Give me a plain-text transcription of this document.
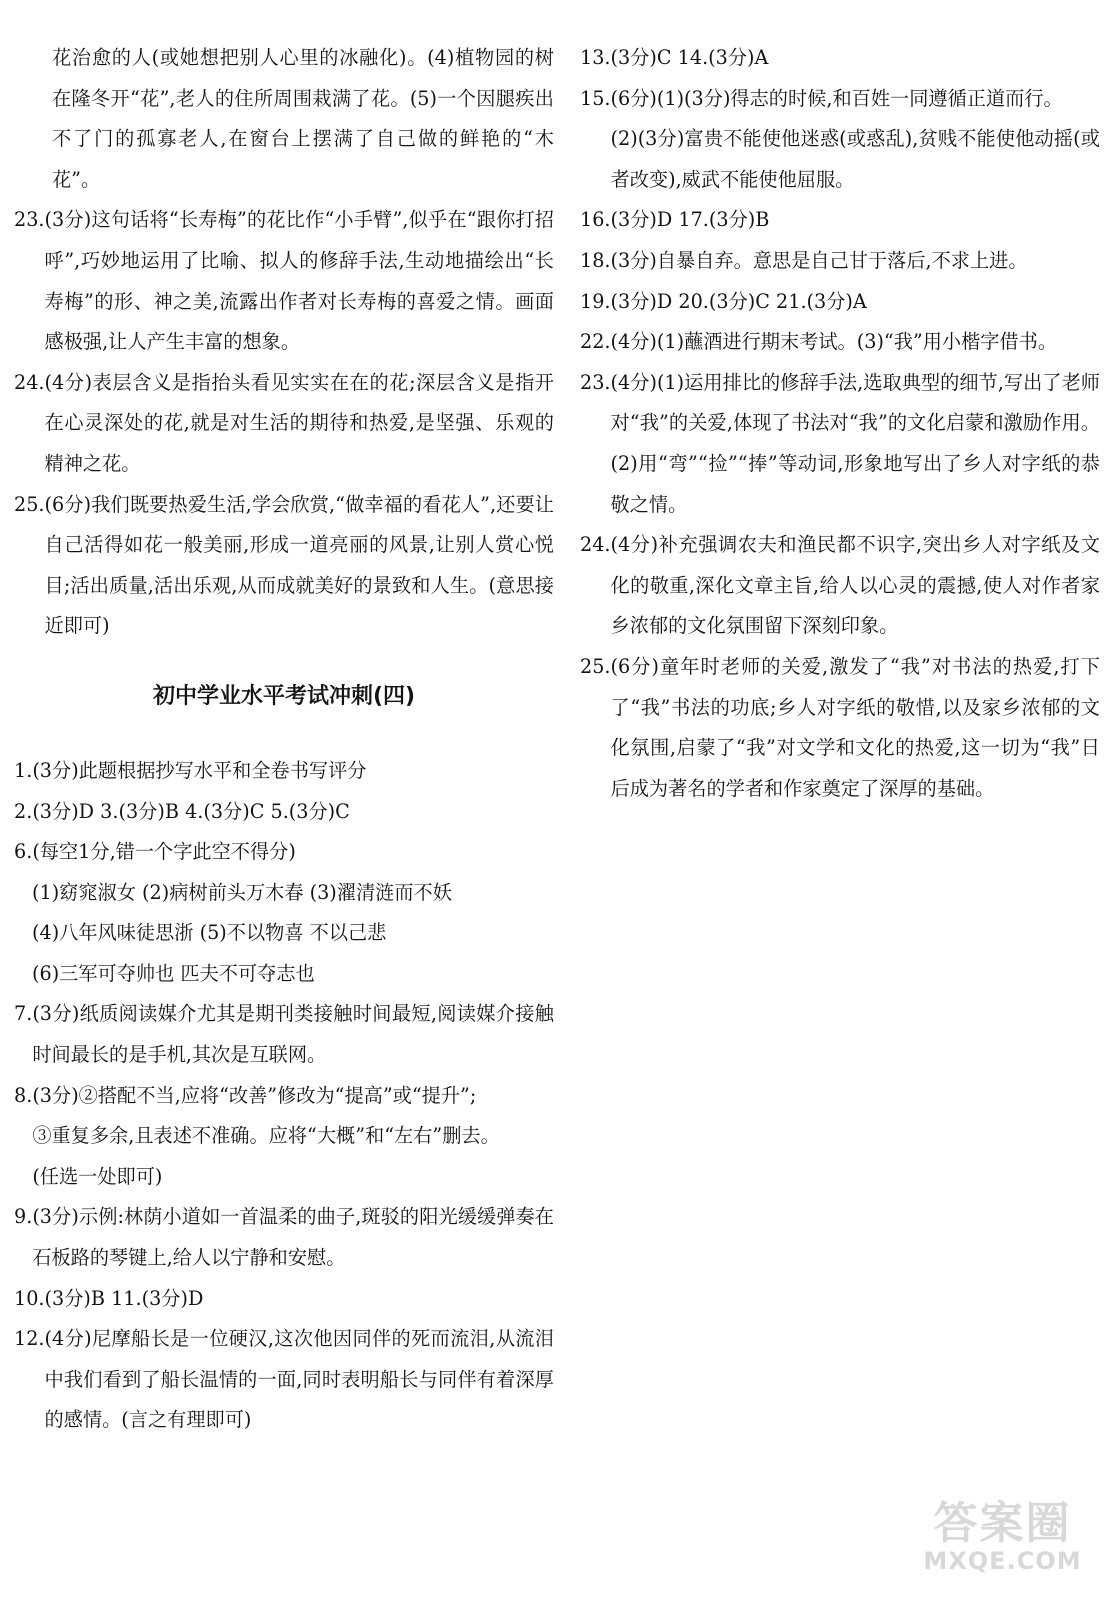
花治愈的人(或她想把别人心里的冰融化)。(4)植物园的树在隆冬开“花”,老人的住所周围栽满了花。(5)一个因腿疾出不了门的孤寡老人,在窗台上摆满了自己做的鲜艳的“木花”。

23. (3分)这句话将“长寿梅”的花比作“小手臂”,似乎在“跟你打招呼”,巧妙地运用了比喻、拟人的修辞手法,生动地描绘出“长寿梅”的形、神之美,流露出作者对长寿梅的喜爱之情。画面感极强,让人产生丰富的想象。
24. (4分)表层含义是指抬头看见实实在在的花;深层含义是指开在心灵深处的花,就是对生活的期待和热爱,是坚强、乐观的精神之花。
25. (6分)我们既要热爱生活,学会欣赏,“做幸福的看花人”,还要让自己活得如花一般美丽,形成一道亮丽的风景,让别人赏心悦目;活出质量,活出乐观,从而成就美好的景致和人生。(意思接近即可)
初中学业水平考试冲刺(四)
1. (3分)此题根据抄写水平和全卷书写评分
2. (3分)D 3.(3分)B 4.(3分)C 5.(3分)C
6. (每空1分,错一个字此空不得分)

(1)窈窕淑女 (2)病树前头万木春 (3)濯清涟而不妖

(4)八年风味徒思浙 (5)不以物喜 不以己悲

(6)三军可夺帅也 匹夫不可夺志也

7. (3分)纸质阅读媒介尤其是期刊类接触时间最短,阅读媒介接触时间最长的是手机,其次是互联网。
8. (3分)②搭配不当,应将“改善”修改为“提高”或“提升”;
③重复多余,且表述不准确。应将“大概”和“左右”删去。
(任选一处即可)
9. (3分)示例:林荫小道如一首温柔的曲子,斑驳的阳光缓缓弹奏在石板路的琴键上,给人以宁静和安慰。
10. (3分)B 11.(3分)D
12. (4分)尼摩船长是一位硬汉,这次他因同伴的死而流泪,从流泪中我们看到了船长温情的一面,同时表明船长与同伴有着深厚的感情。(言之有理即可)
13. (3分)C 14.(3分)A
15. (6分)(1)(3分)得志的时候,和百姓一同遵循正道而行。
(2)(3分)富贵不能使他迷惑(或惑乱),贫贱不能使他动摇(或者改变),威武不能使他屈服。
16. (3分)D 17.(3分)B
18. (3分)自暴自弃。意思是自己甘于落后,不求上进。
19. (3分)D 20.(3分)C 21.(3分)A
22. (4分)(1)蘸酒进行期末考试。(3)“我”用小楷字借书。
23. (4分)(1)运用排比的修辞手法,选取典型的细节,写出了老师对“我”的关爱,体现了书法对“我”的文化启蒙和激励作用。(2)用“弯”“捡”“捧”等动词,形象地写出了乡人对字纸的恭敬之情。
24. (4分)补充强调农夫和渔民都不识字,突出乡人对字纸及文化的敬重,深化文章主旨,给人以心灵的震撼,使人对作者家乡浓郁的文化氛围留下深刻印象。
25. (6分)童年时老师的关爱,激发了“我”对书法的热爱,打下了“我”书法的功底;乡人对字纸的敬惜,以及家乡浓郁的文化氛围,启蒙了“我”对文学和文化的热爱,这一切为“我”日后成为著名的学者和作家奠定了深厚的基础。
答案圈
MXQE.COM
